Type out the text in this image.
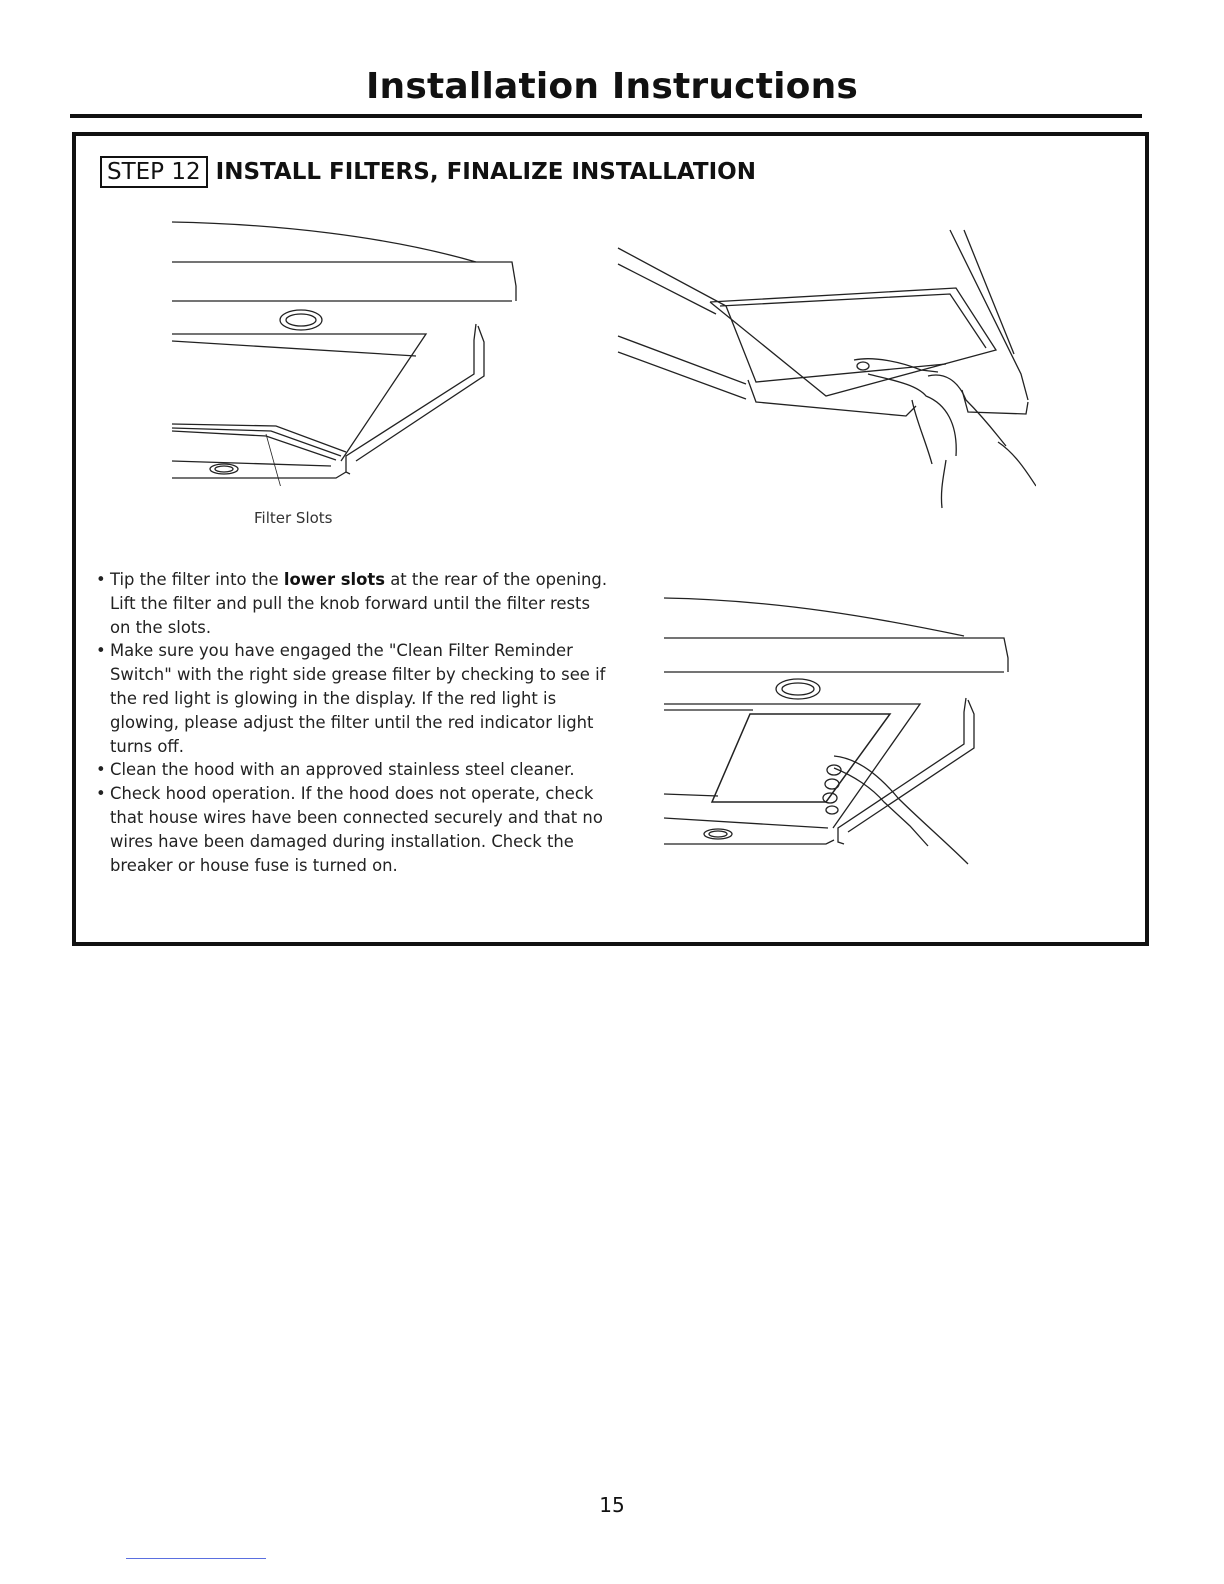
Installation Instructions
STEP 12 INSTALL FILTERS, FINALIZE INSTALLATION
Filter Slots
• Tip the filter into the lower slots at the rear of the opening. Lift the filter and pull the knob forward until the filter rests on the slots.
• Make sure you have engaged the "Clean Filter Reminder Switch" with the right side grease filter by checking to see if the red light is glowing in the display. If the red light is glowing, please adjust the filter until the red indicator light turns off.
• Clean the hood with an approved stainless steel cleaner.
• Check hood operation. If the hood does not operate, check that house wires have been connected securely and that no wires have been damaged during installation. Check the breaker or house fuse is turned on.
15
